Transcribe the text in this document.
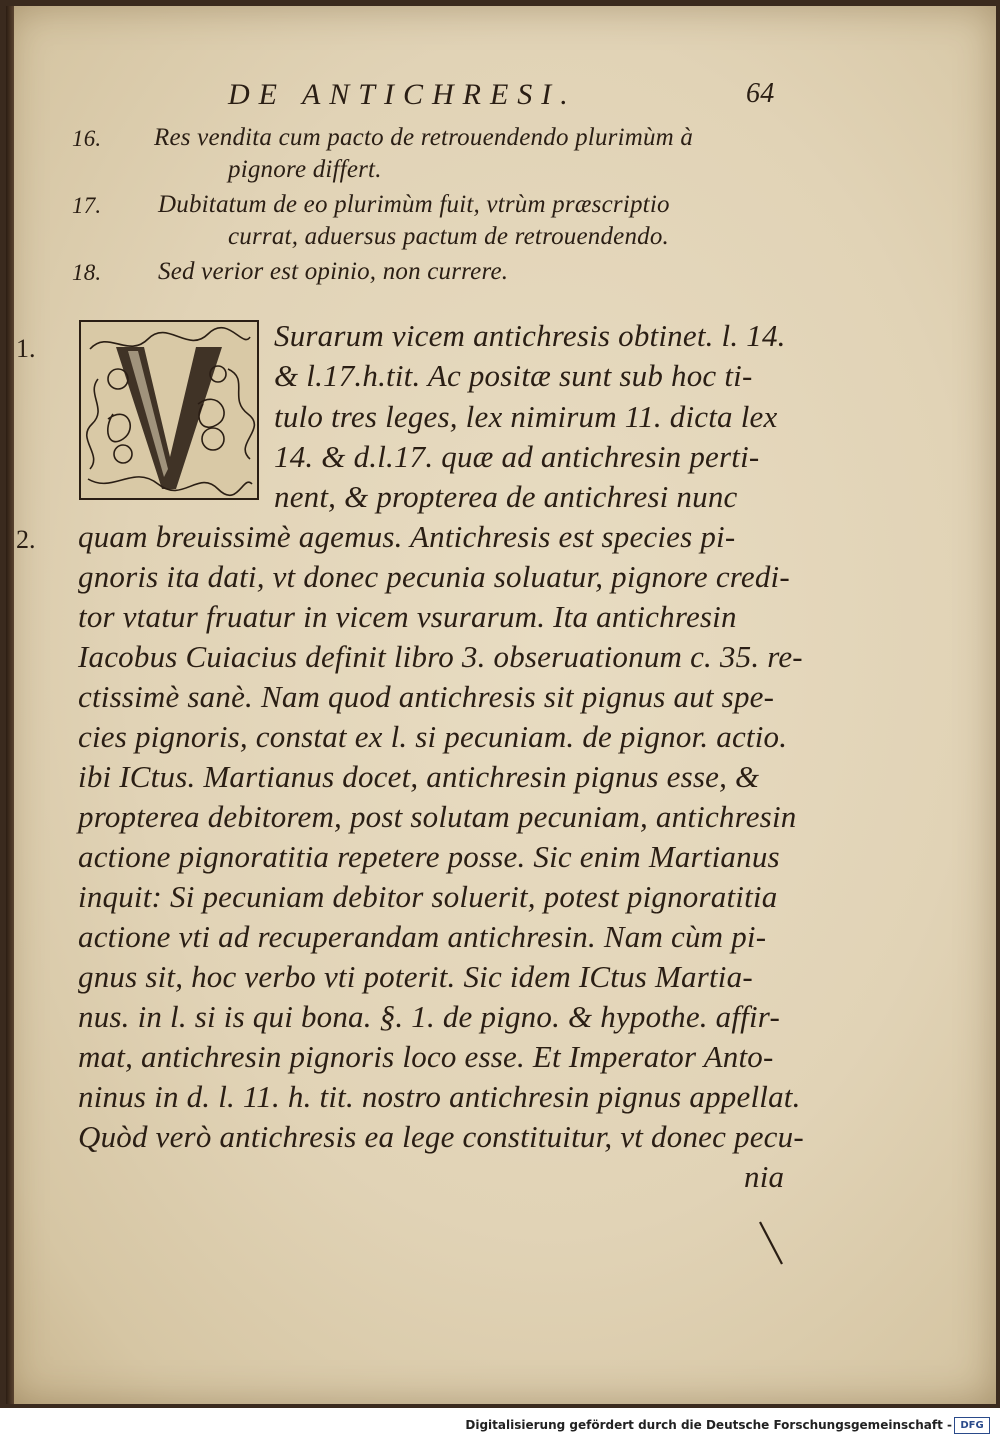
DE ANTICHRESI.	64
16. Res vendita cum pacto de retrouendendo plurimùm à
pignore differt.
17. Dubitatum de eo plurimùm fuit, vtrùm præscriptio
currat, aduersus pactum de retrouendendo.
18. Sed verior est opinio, non currere.
1.
2.
Surarum vicem antichresis obtinet. l. 14.
& l.17.h.tit. Ac positæ sunt sub hoc ti-
tulo tres leges, lex nimirum 11. dicta lex
14. & d.l.17. quæ ad antichresin perti-
nent, & propterea de antichresi nunc
quam breuissimè agemus. Antichresis est species pi-
gnoris ita dati, vt donec pecunia soluatur, pignore credi-
tor vtatur fruatur in vicem vsurarum. Ita antichresin
Iacobus Cuiacius definit libro 3. obseruationum c. 35. re-
ctissimè sanè. Nam quod antichresis sit pignus aut spe-
cies pignoris, constat ex l. si pecuniam. de pignor. actio.
ibi ICtus. Martianus docet, antichresin pignus esse, &
propterea debitorem, post solutam pecuniam, antichresin
actione pignoratitia repetere posse. Sic enim Martianus
inquit: Si pecuniam debitor soluerit, potest pignoratitia
actione vti ad recuperandam antichresin. Nam cùm pi-
gnus sit, hoc verbo vti poterit. Sic idem ICtus Martia-
nus. in l. si is qui bona. §. 1. de pigno. & hypothe. affir-
mat, antichresin pignoris loco esse. Et Imperator Anto-
ninus in d. l. 11. h. tit. nostro antichresin pignus appellat.
Quòd verò antichresis ea lege constituitur, vt donec pecu-
nia
Digitalisierung gefördert durch die Deutsche Forschungsgemeinschaft - DFG
